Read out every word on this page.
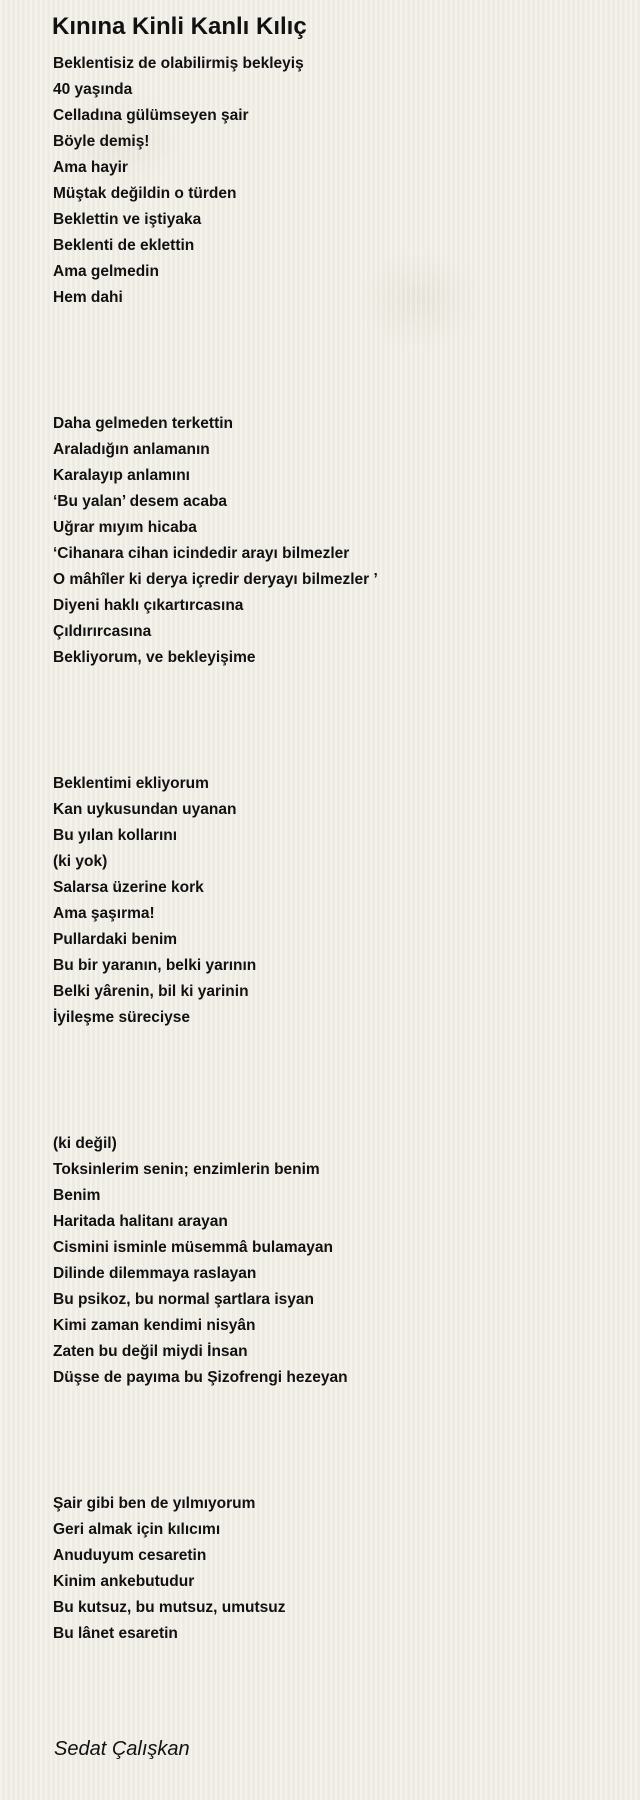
Kınına Kinli Kanlı Kılıç
Beklentisiz de olabilirmiş bekleyiş
40 yaşında
Celladına gülümseyen şair
Böyle demiş!
Ama hayir
Müştak değildin o türden
Beklettin ve iştiyaka
Beklenti de eklettin
Ama gelmedin
Hem dahi
Daha gelmeden terkettin
Araladığın anlamanın
Karalayıp anlamını
‘Bu yalan’ desem acaba
Uğrar mıyım hicaba
‘Cihanara cihan icindedir arayı bilmezler
O mâhîler ki derya içredir deryayı bilmezler ’
Diyeni haklı çıkartırcasına
Çıldırırcasına
Bekliyorum, ve bekleyişime
Beklentimi ekliyorum
Kan uykusundan uyanan
Bu yılan kollarını
(ki yok)
Salarsa üzerine kork
Ama şaşırma!
Pullardaki benim
Bu bir yaranın, belki yarının
Belki yârenin, bil ki yarinin
İyileşme süreciyse
(ki değil)
Toksinlerim senin; enzimlerin benim
Benim
Haritada halitanı arayan
Cismini isminle müsemmâ bulamayan
Dilinde dilemmaya raslayan
Bu psikoz, bu normal şartlara isyan
Kimi zaman kendimi nisyân
Zaten bu değil miydi İnsan
Düşse de payıma bu Şizofrengi hezeyan
Şair gibi ben de yılmıyorum
Geri almak için kılıcımı
Anuduyum cesaretin
Kinim ankebutudur
Bu kutsuz, bu mutsuz, umutsuz
Bu lânet esaretin
Sedat Çalışkan
